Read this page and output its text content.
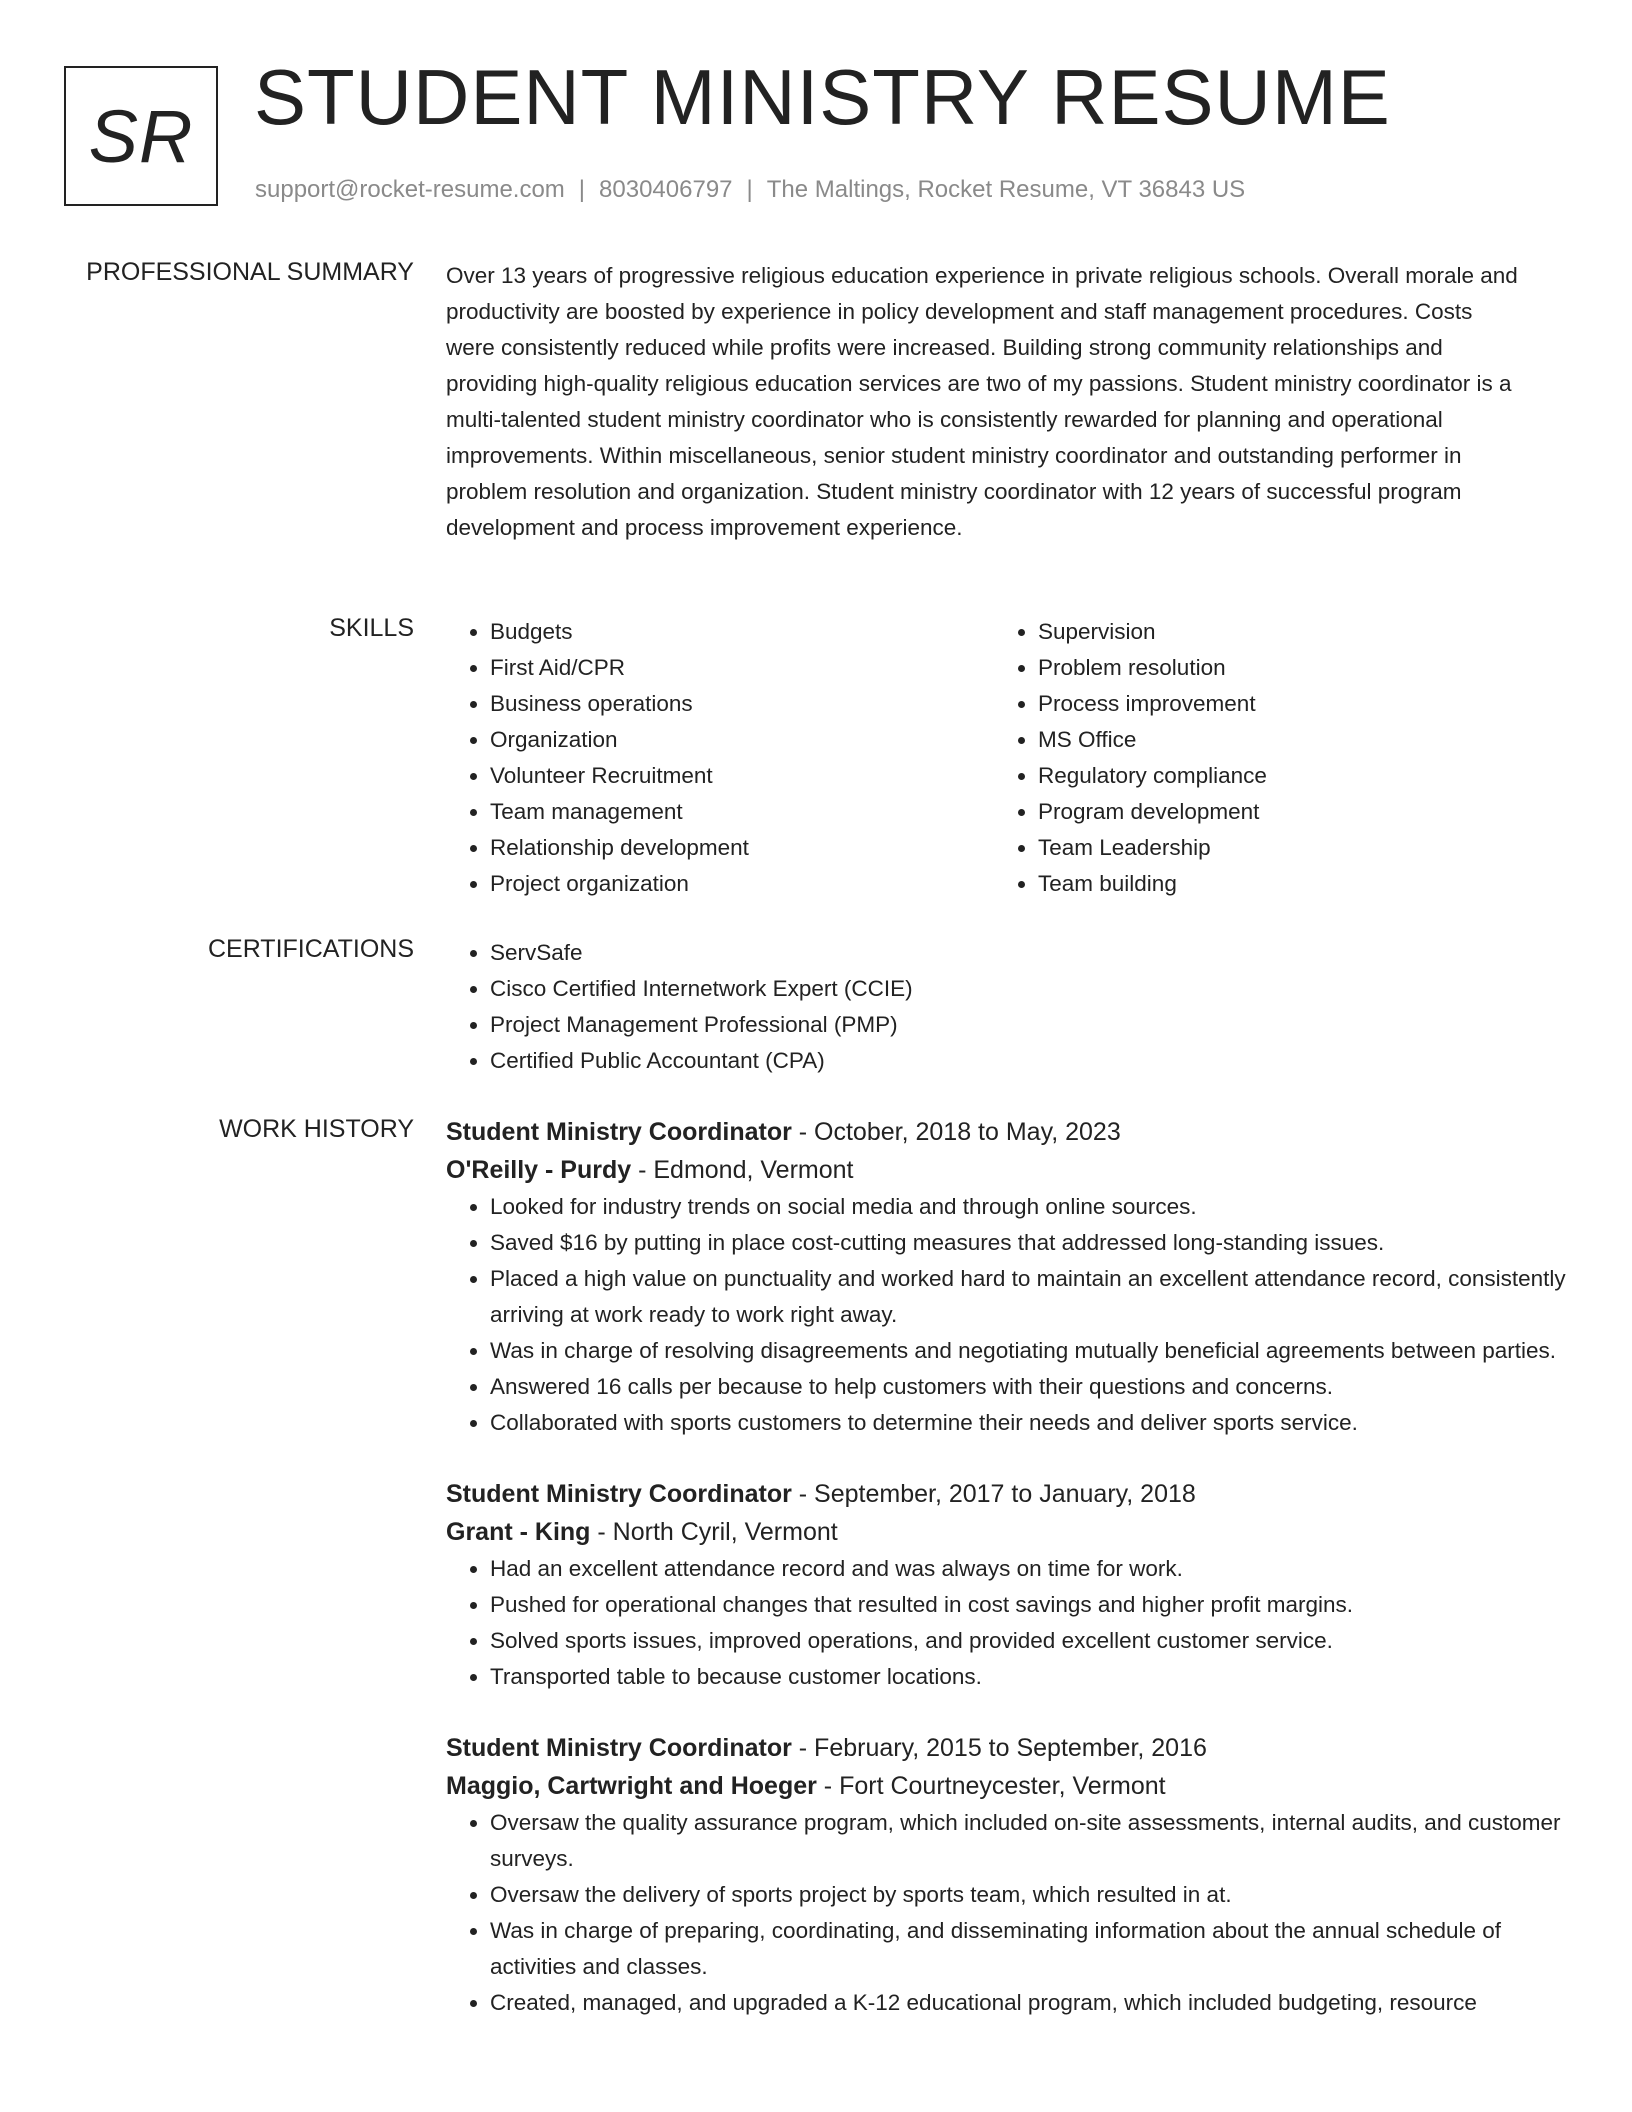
SR STUDENT MINISTRY RESUME
support@rocket-resume.com | 8030406797 | The Maltings, Rocket Resume, VT 36843 US
PROFESSIONAL SUMMARY Over 13 years of progressive religious education experience in private religious schools. Overall morale and productivity are boosted by experience in policy development and staff management procedures. Costs were consistently reduced while profits were increased. Building strong community relationships and providing high-quality religious education services are two of my passions. Student ministry coordinator is a multi-talented student ministry coordinator who is consistently rewarded for planning and operational improvements. Within miscellaneous, senior student ministry coordinator and outstanding performer in problem resolution and organization. Student ministry coordinator with 12 years of successful program development and process improvement experience.

SKILLS	• Budgets
• First Aid/CPR
• Business operations
• Organization
• Volunteer Recruitment
• Team management
• Relationship development
• Project organization
• Supervision
• Problem resolution
• Process improvement
• MS Office
• Regulatory compliance
• Program development
• Team Leadership
• Team building
CERTIFICATIONS	• ServSafe
• Cisco Certified Internetwork Expert (CCIE)
• Project Management Professional (PMP)
• Certified Public Accountant (CPA)
WORK HISTORY Student Ministry Coordinator - October, 2018 to May, 2023
O'Reilly - Purdy - Edmond, Vermont
• Looked for industry trends on social media and through online sources.
• Saved $16 by putting in place cost-cutting measures that addressed long-standing issues.
• Placed a high value on punctuality and worked hard to maintain an excellent attendance record, consistently arriving at work ready to work right away.
• Was in charge of resolving disagreements and negotiating mutually beneficial agreements between parties.
• Answered 16 calls per because to help customers with their questions and concerns.
• Collaborated with sports customers to determine their needs and deliver sports service.
Student Ministry Coordinator - September, 2017 to January, 2018
Grant - King - North Cyril, Vermont
• Had an excellent attendance record and was always on time for work.
• Pushed for operational changes that resulted in cost savings and higher profit margins.
• Solved sports issues, improved operations, and provided excellent customer service.
• Transported table to because customer locations.
Student Ministry Coordinator - February, 2015 to September, 2016
Maggio, Cartwright and Hoeger - Fort Courtneycester, Vermont
• Oversaw the quality assurance program, which included on-site assessments, internal audits, and customer surveys.
• Oversaw the delivery of sports project by sports team, which resulted in at.
• Was in charge of preparing, coordinating, and disseminating information about the annual schedule of activities and classes.
• Created, managed, and upgraded a K-12 educational program, which included budgeting, resource
